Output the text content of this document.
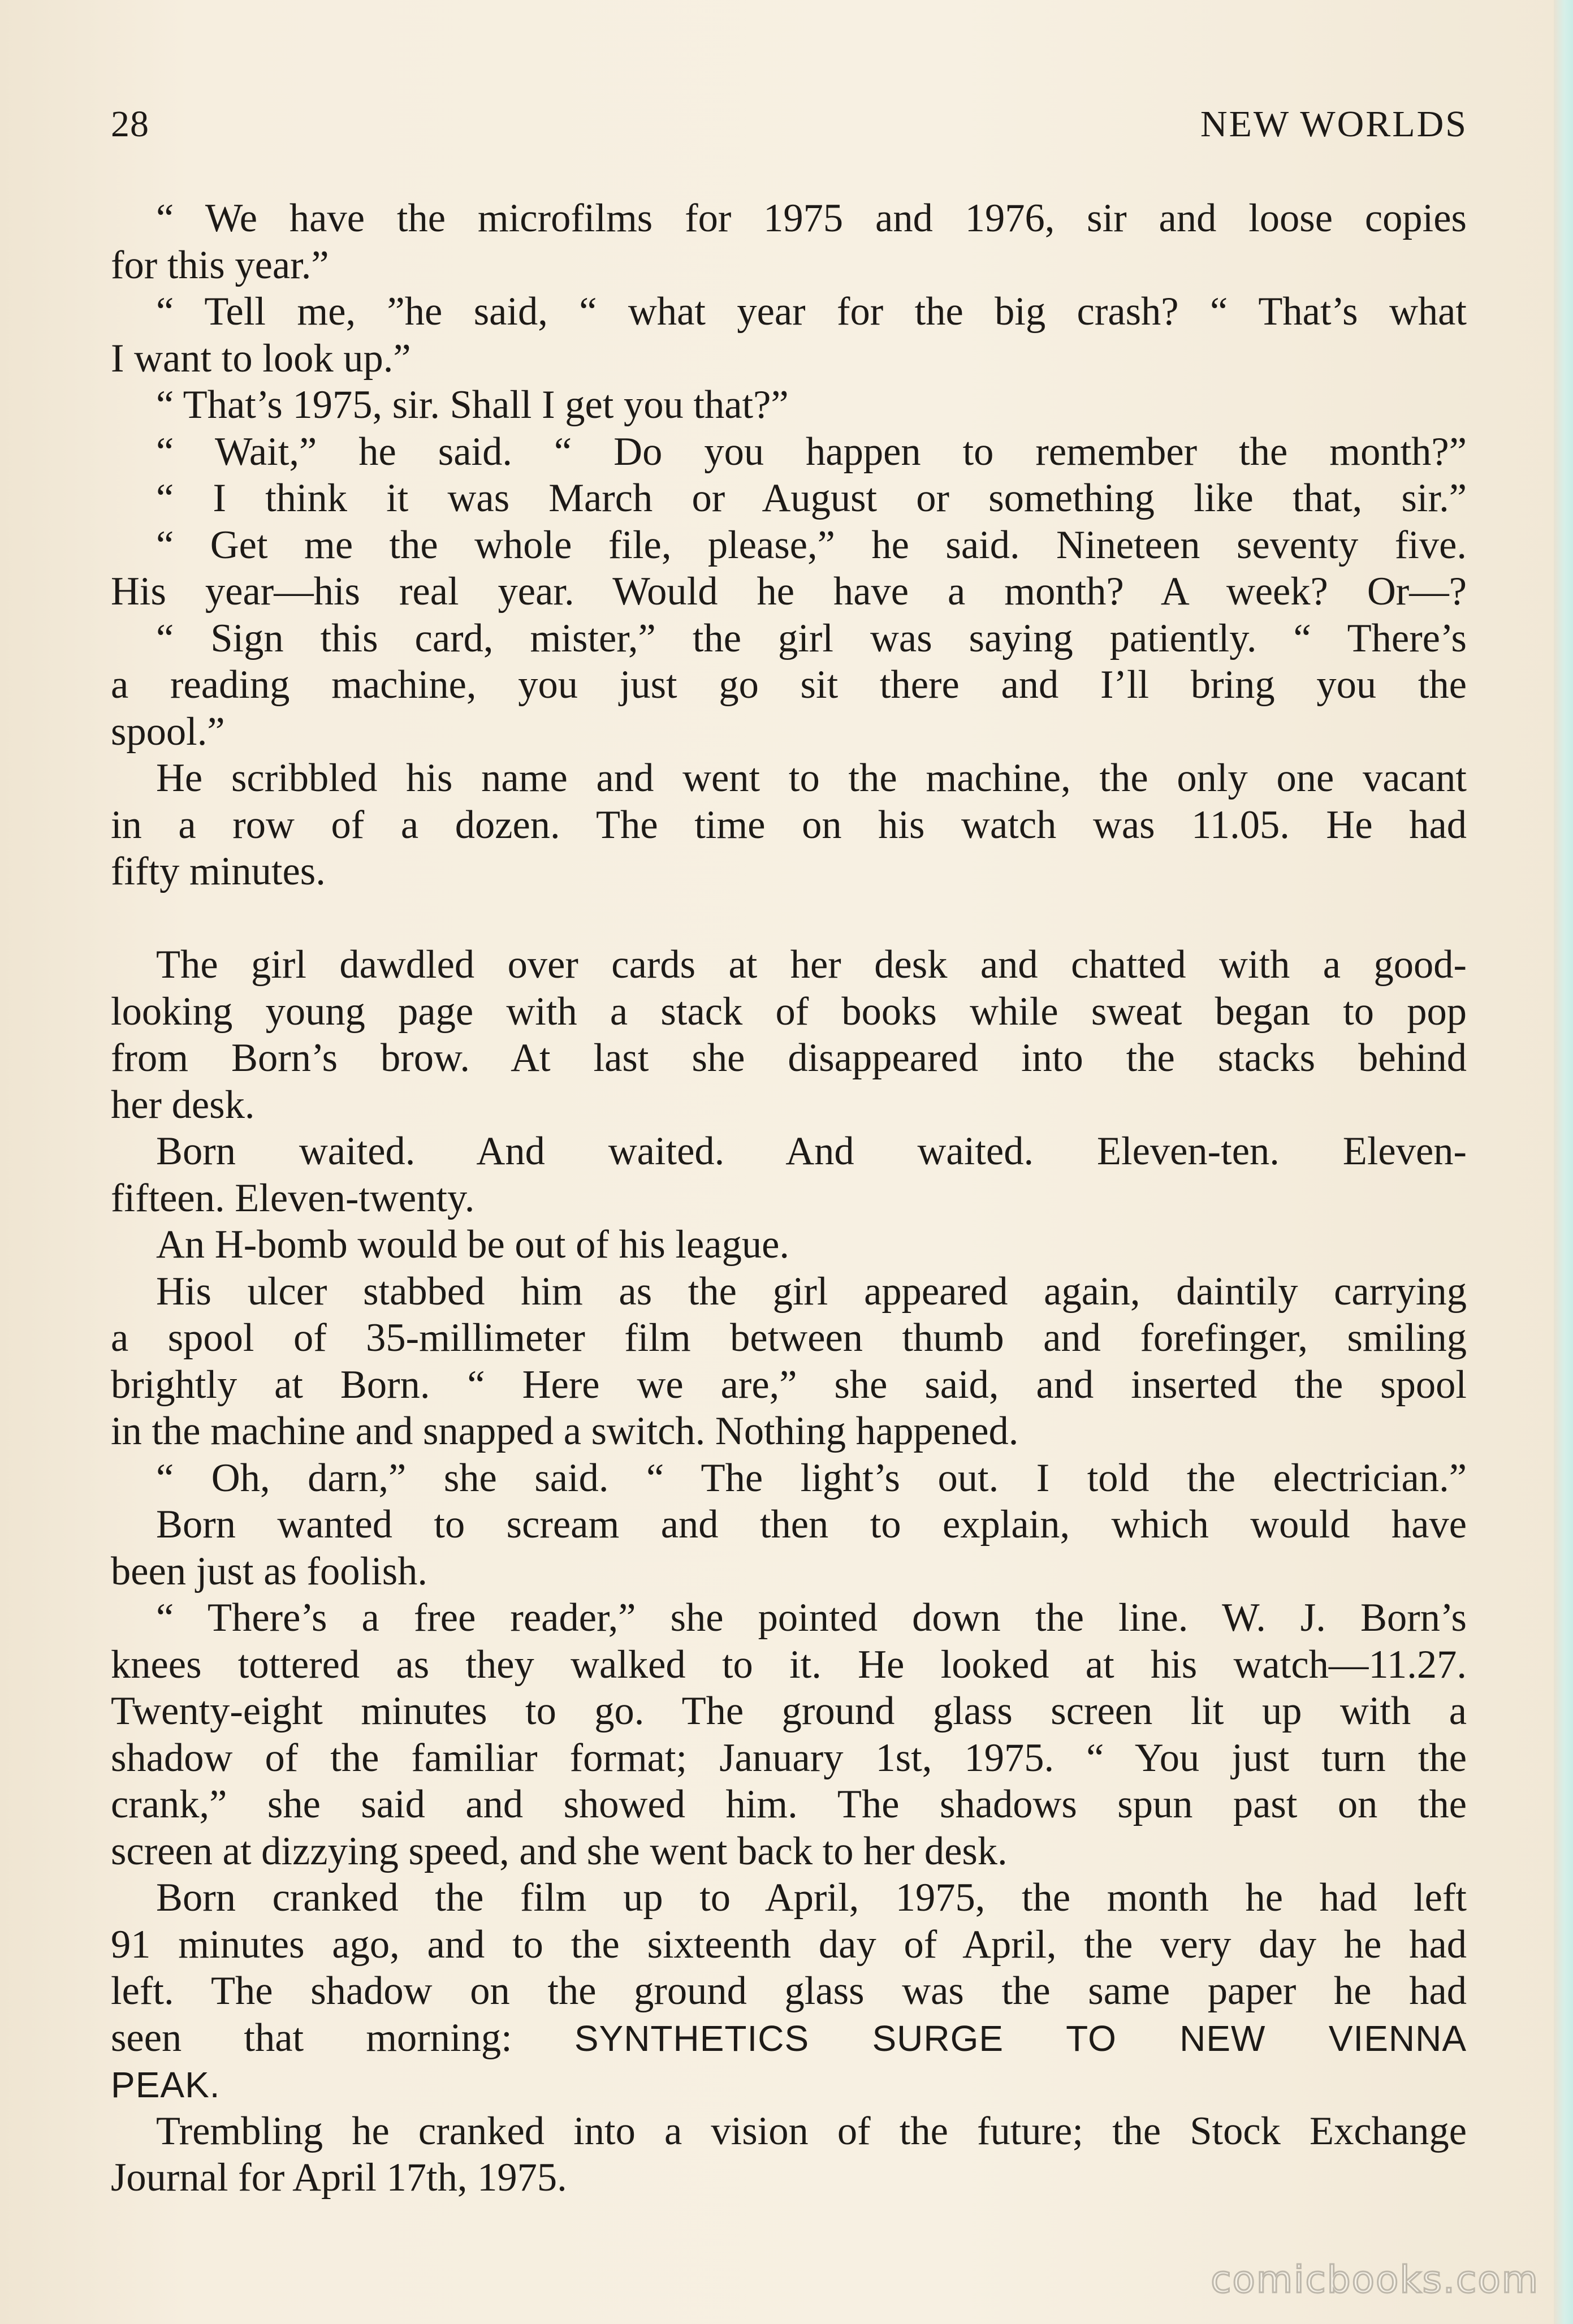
28	NEW WORLDS
“ We have the microfilms for 1975 and 1976, sir and loose copies
for this year.”
“ Tell me, ”he said, “ what year for the big crash? “ That’s what
I want to look up.”
“ That’s 1975, sir. Shall I get you that?”
“ Wait,” he said. “ Do you happen to remember the month?”
“ I think it was March or August or something like that, sir.”
“ Get me the whole file, please,” he said. Nineteen seventy five.
His year—his real year. Would he have a month? A week? Or—?
“ Sign this card, mister,” the girl was saying patiently. “ There’s
a reading machine, you just go sit there and I’ll bring you the
spool.”
He scribbled his name and went to the machine, the only one vacant
in a row of a dozen. The time on his watch was 11.05. He had
fifty minutes.
The girl dawdled over cards at her desk and chatted with a good-
looking young page with a stack of books while sweat began to pop
from Born’s brow. At last she disappeared into the stacks behind
her desk.
Born waited. And waited. And waited. Eleven-ten. Eleven-
fifteen. Eleven-twenty.
An H-bomb would be out of his league.
His ulcer stabbed him as the girl appeared again, daintily carrying
a spool of 35-millimeter film between thumb and forefinger, smiling
brightly at Born. “ Here we are,” she said, and inserted the spool
in the machine and snapped a switch. Nothing happened.
“ Oh, darn,” she said. “ The light’s out. I told the electrician.”
Born wanted to scream and then to explain, which would have
been just as foolish.
“ There’s a free reader,” she pointed down the line. W. J. Born’s
knees tottered as they walked to it. He looked at his watch—11.27.
Twenty-eight minutes to go. The ground glass screen lit up with a
shadow of the familiar format; January 1st, 1975. “ You just turn the
crank,” she said and showed him. The shadows spun past on the
screen at dizzying speed, and she went back to her desk.
Born cranked the film up to April, 1975, the month he had left
91 minutes ago, and to the sixteenth day of April, the very day he had
left. The shadow on the ground glass was the same paper he had
seen that morning: SYNTHETICS SURGE TO NEW VIENNA
PEAK.
Trembling he cranked into a vision of the future; the Stock Exchange
Journal for April 17th, 1975.
comicbooks.com
